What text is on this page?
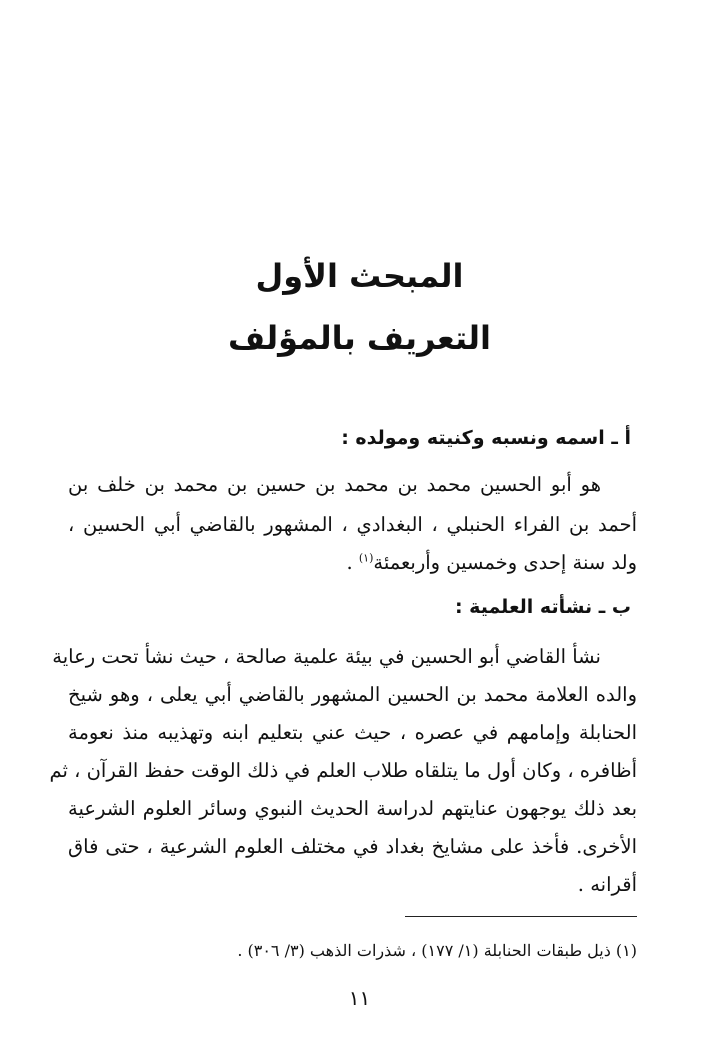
المبحث الأول
التعريف بالمؤلف
أ ـ اسمه ونسبه وكنيته ومولده :
هو أبو الحسين محمد بن محمد بن حسين بن محمد بن خلف بن
أحمد بن الفراء الحنبلي ، البغدادي ، المشهور بالقاضي أبي الحسين ،
ولد سنة إحدى وخمسين وأربعمئة$^{(١)}$ .
ب ـ نشأته العلمية :
نشأ القاضي أبو الحسين في بيئة علمية صالحة ، حيث نشأ تحت رعاية
والده العلامة محمد بن الحسين المشهور بالقاضي أبي يعلى ، وهو شيخ
الحنابلة وإمامهم في عصره ، حيث عني بتعليم ابنه وتهذيبه منذ نعومة
أظافره ، وكان أول ما يتلقاه طلاب العلم في ذلك الوقت حفظ القرآن ، ثم
بعد ذلك يوجهون عنايتهم لدراسة الحديث النبوي وسائر العلوم الشرعية
الأخرى. فأخذ على مشايخ بغداد في مختلف العلوم الشرعية ، حتى فاق
أقرانه .
(١) ذيل طبقات الحنابلة (١/ ١٧٧) ، شذرات الذهب (٣/ ٣٠٦) .
١١
